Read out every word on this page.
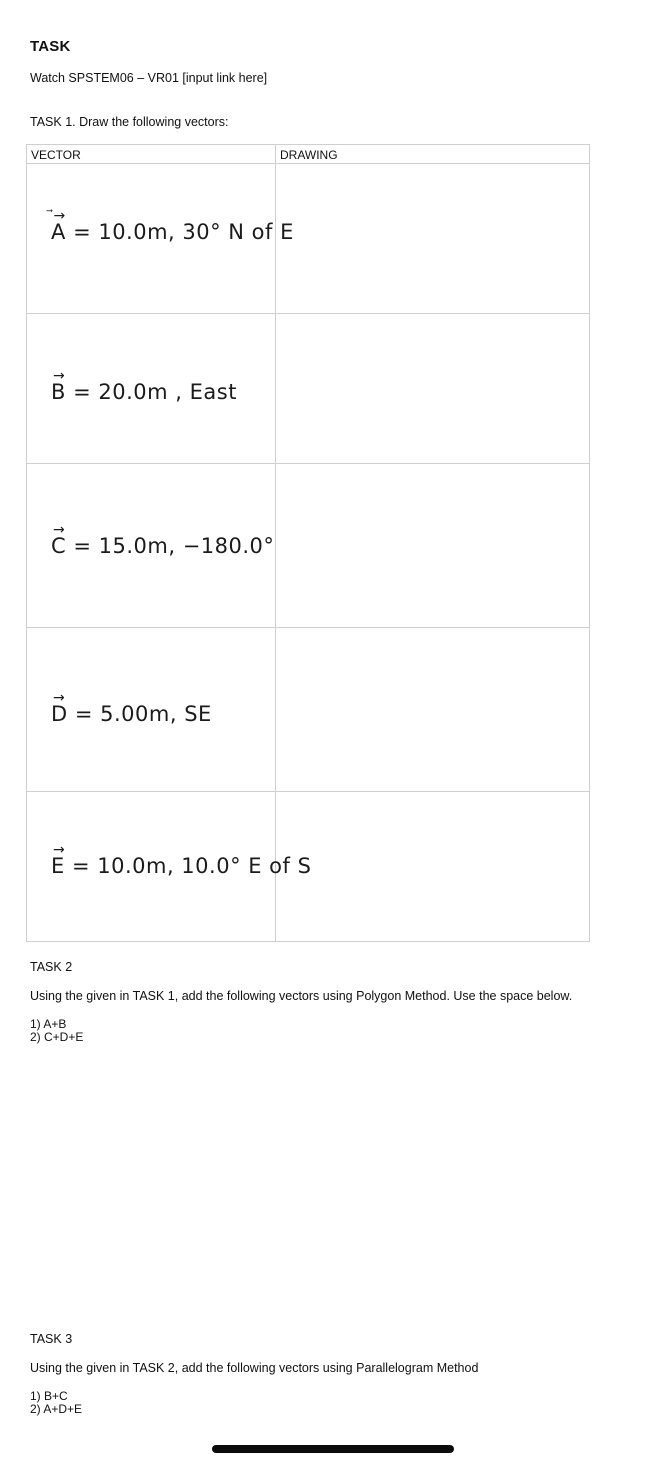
TASK
Watch SPSTEM06 – VR01 [input link here]
TASK 1. Draw the following vectors:
VECTOR	DRAWING

⃗→
A = 10.0m, 30° N of E	

→
B = 20.0m , East	

→
C = 15.0m, −180.0°	

→
D = 5.00m, SE	

→
E = 10.0m, 10.0° E of S	

TASK 2
Using the given in TASK 1, add the following vectors using Polygon Method. Use the space below.
1) A+B
2) C+D+E
TASK 3
Using the given in TASK 2, add the following vectors using Parallelogram Method
1) B+C
2) A+D+E
